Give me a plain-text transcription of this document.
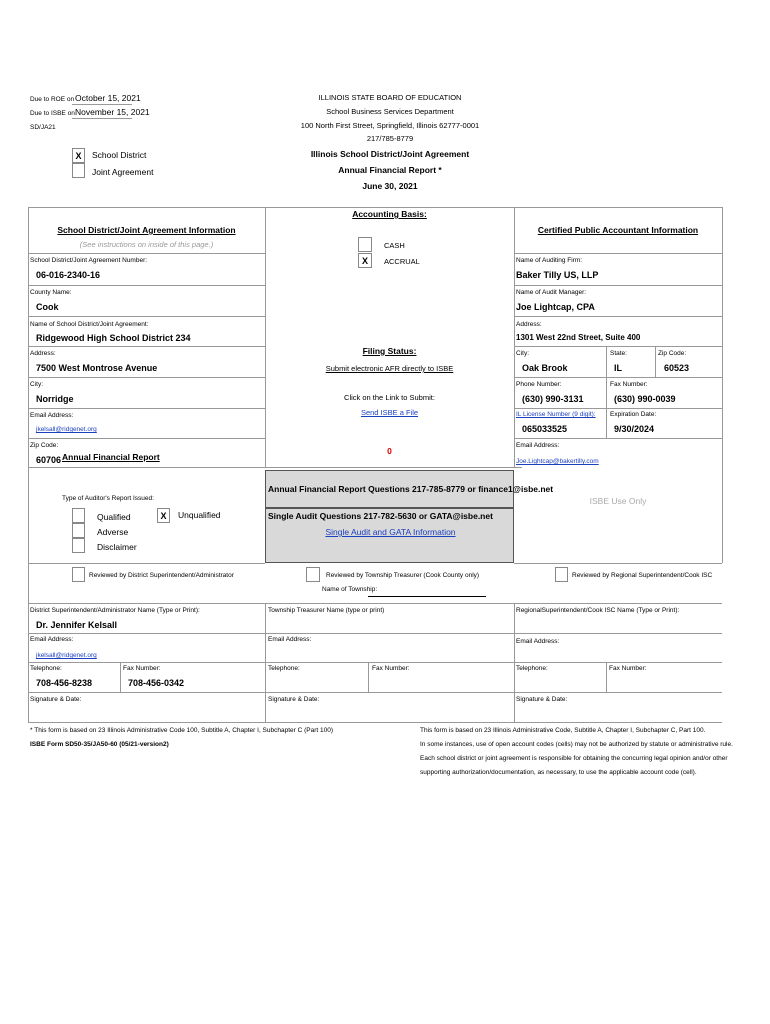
Due to ROE on October 15, 2021
Due to ISBE on November 15, 2021
SD/JA21
ILLINOIS STATE BOARD OF EDUCATION
School Business Services Department
100 North First Street, Springfield, Illinois 62777-0001
217/785-8779
Illinois School District/Joint Agreement
Annual Financial Report *
June 30, 2021
X	School District
Joint Agreement
School District/Joint Agreement Information
(See instructions on inside of this page.)
School District/Joint Agreement Number:
06-016-2340-16
County Name:
Cook
Name of School District/Joint Agreement:
Ridgewood High School District 234
Address:
7500 West Montrose Avenue
City:
Norridge
Email Address:
jkelsall@ridgenet.org
Zip Code:
60706
Accounting Basis:
CASH
X	ACCRUAL
Filing Status:
Submit electronic AFR directly to ISBE
Click on the Link to Submit:
Send ISBE a File
0
Certified Public Accountant Information
Name of Auditing Firm:
Baker Tilly US, LLP
Name of Audit Manager:
Joe Lightcap, CPA
Address:
1301 West 22nd Street, Suite 400
City:	State:	Zip Code:
Oak Brook	IL	60523
Phone Number:	Fax Number:
(630) 990-3131	(630) 990-0039
IL License Number (9 digit): Expiration Date:
065033525	9/30/2024
Email Address:
Joe.Lightcap@bakertilly.com
Annual Financial Report
Type of Auditor's Report Issued:
Qualified	X	Unqualified
Adverse
Disclaimer
Annual Financial Report Questions 217-785-8779 or finance1@isbe.net
Single Audit Questions 217-782-5630 or GATA@isbe.net
Single Audit and GATA Information
ISBE Use Only
Reviewed by District Superintendent/Administrator	Reviewed by Township Treasurer (Cook County only)
Name of Township:
Reviewed by Regional Superintendent/Cook ISC
District Superintendent/Administrator Name (Type or Print):
Dr. Jennifer Kelsall
Email Address:
jkelsall@ridgenet.org
Telephone:	Fax Number:
708-456-8238	708-456-0342
Township Treasurer Name (type or print)
Email Address:
Telephone:	Fax Number:
RegionalSuperintendent/Cook ISC Name (Type or Print):
Email Address:
Telephone:	Fax Number:
Signature & Date:	Signature & Date:	Signature & Date:
* This form is based on 23 Illinois Administrative Code 100, Subtitle A, Chapter I, Subchapter C (Part 100)
ISBE Form SD50-35/JA50-60 (05/21-version2)
This form is based on 23 Illinois Administrative Code, Subtitle A, Chapter I, Subchapter C, Part 100.
In some instances, use of open account codes (cells) may not be authorized by statute or administrative rule.
Each school district or joint agreement is responsible for obtaining the concurring legal opinion and/or other
supporting authorization/documentation, as necessary, to use the applicable account code (cell).
